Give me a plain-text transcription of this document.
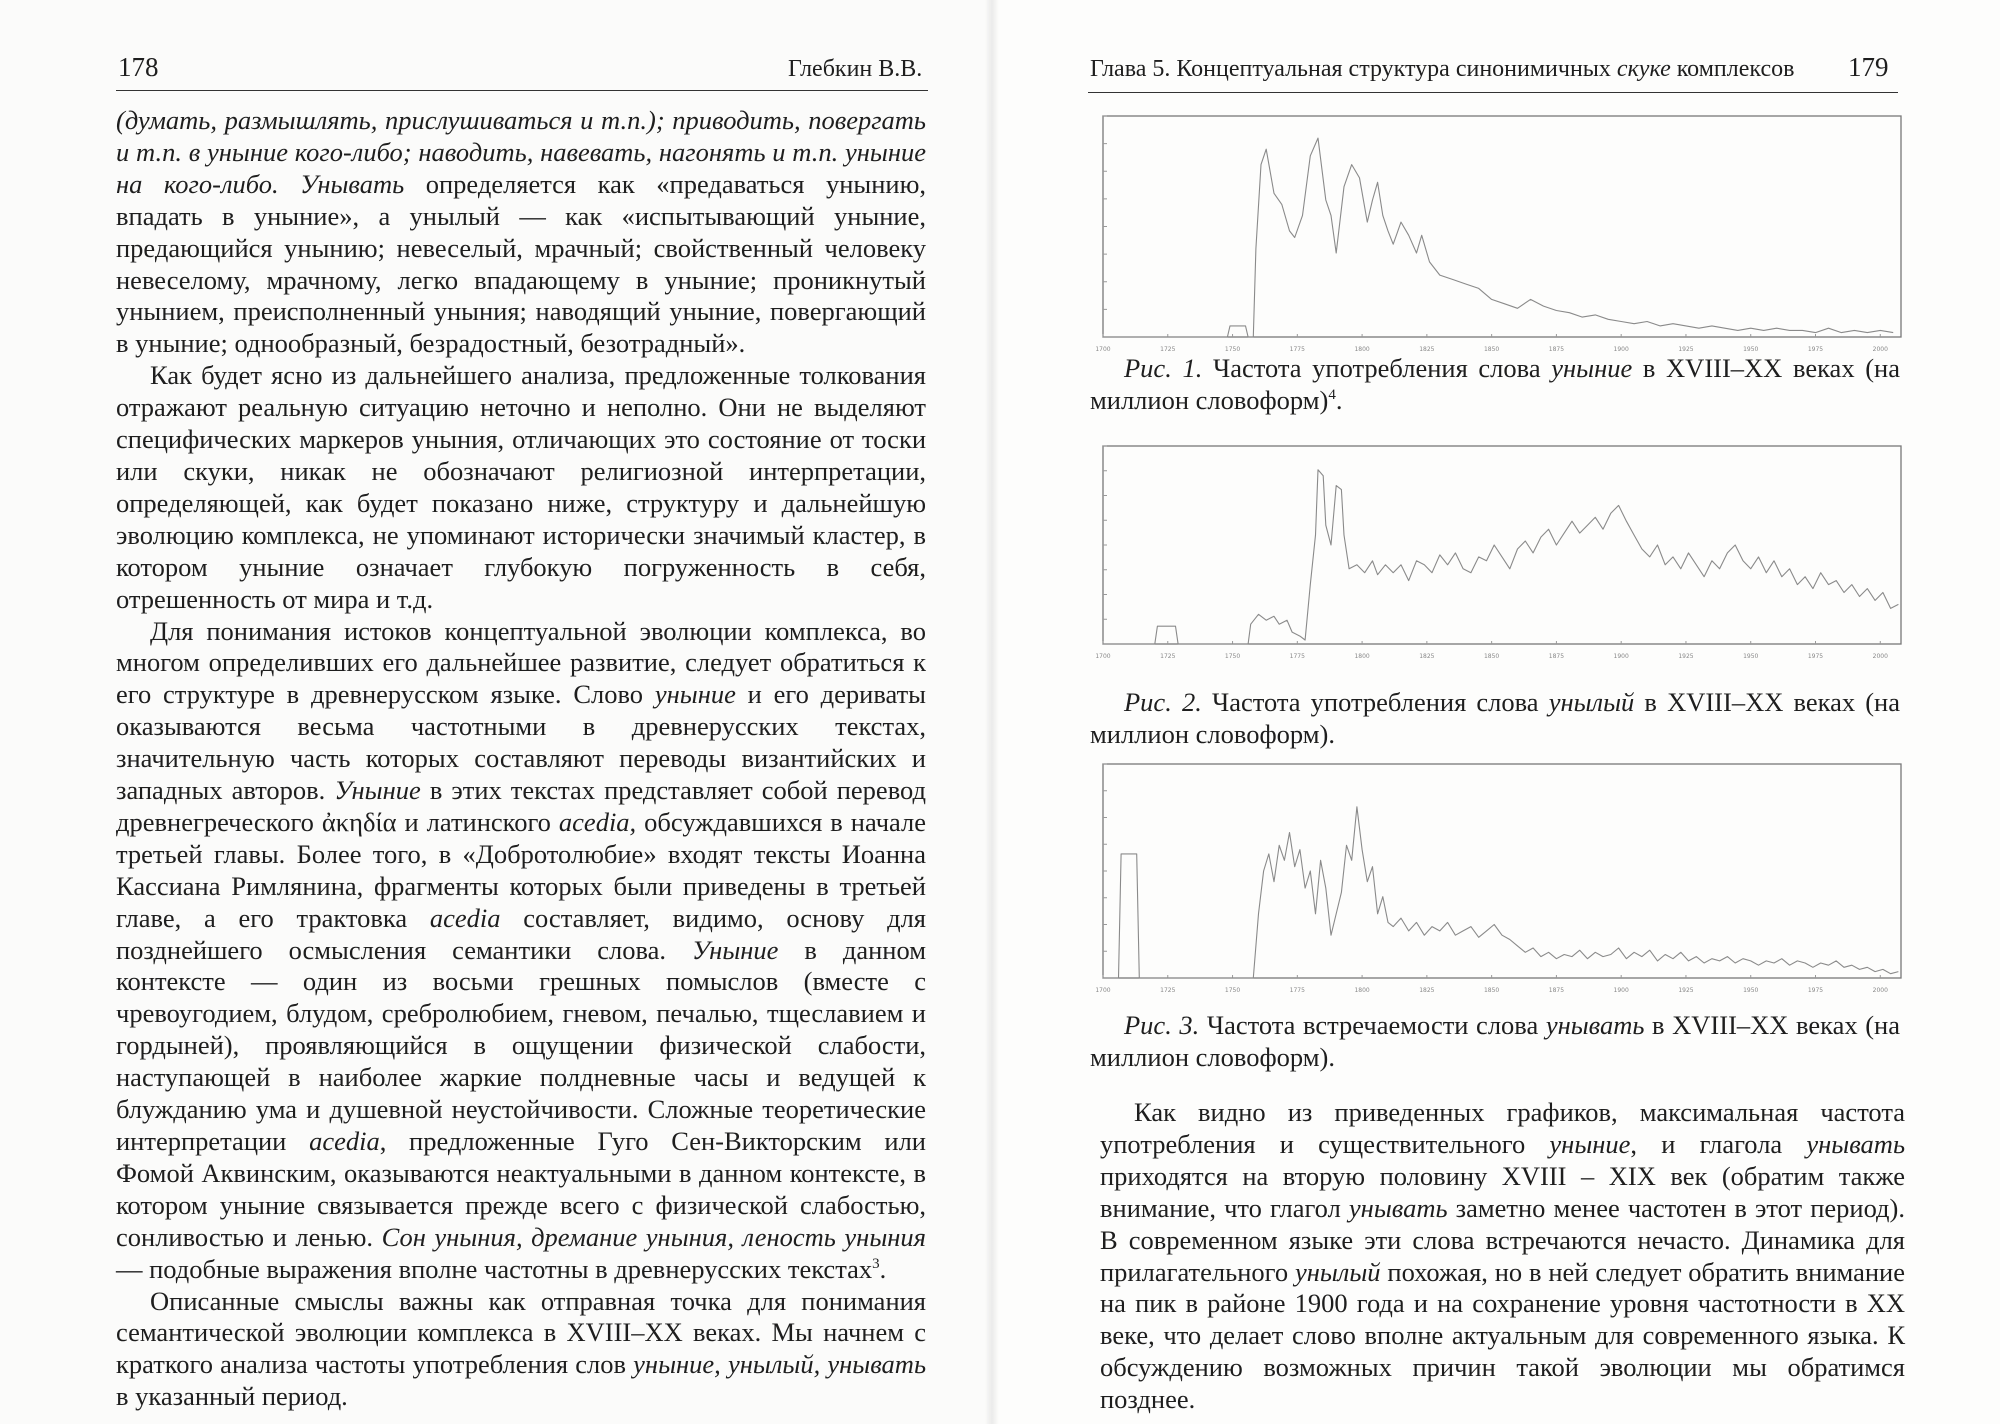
178	Глебкин В.В.

(думать, размышлять, прислушиваться и т.п.); приводить, повергать и т.п. в уныние кого-либо; наводить, навевать, нагонять и т.п. уныние на кого-либо. Унывать определяется как «предаваться унынию, впадать в уныние», а унылый — как «испытывающий уныние, предающийся унынию; невеселый, мрачный; свойственный человеку невеселому, мрачному, легко впадающему в уныние; проникнутый унынием, преисполненный уныния; наводящий уныние, повергающий в уныние; однообразный, безрадостный, безотрадный».

Как будет ясно из дальнейшего анализа, предложенные толкования отражают реальную ситуацию неточно и неполно. Они не выделяют специфических маркеров уныния, отличающих это состояние от тоски или скуки, никак не обозначают религиозной интерпретации, определяющей, как будет показано ниже, структуру и дальнейшую эволюцию комплекса, не упоминают исторически значимый кластер, в котором уныние означает глубокую погруженность в себя, отрешенность от мира и т.д.

Для понимания истоков концептуальной эволюции комплекса, во многом определивших его дальнейшее развитие, следует обратиться к его структуре в древнерусском языке. Слово уныние и его дериваты оказываются весьма частотными в древнерусских текстах, значительную часть которых составляют переводы византийских и западных авторов. Уныние в этих текстах представляет собой перевод древнегреческого ἀκηδία и латинского acedia, обсуждавшихся в начале третьей главы. Более того, в «Добротолюбие» входят тексты Иоанна Кассиана Римлянина, фрагменты которых были приведены в третьей главе, а его трактовка acedia составляет, видимо, основу для позднейшего осмысления семантики слова. Уныние в данном контексте — один из восьми грешных помыслов (вместе с чревоугодием, блудом, сребролюбием, гневом, печалью, тщеславием и гордыней), проявляющийся в ощущении физической слабости, наступающей в наиболее жаркие полдневные часы и ведущей к блужданию ума и душевной неустойчивости. Сложные теоретические интерпретации acedia, предложенные Гуго Сен-Викторским или Фомой Аквинским, оказываются неактуальными в данном контексте, в котором уныние связывается прежде всего с физической слабостью, сонливостью и ленью. Сон уныния, дремание уныния, леность уныния — подобные выражения вполне частотны в древнерусских текстах$^3$.

Описанные смыслы важны как отправная точка для понимания семантической эволюции комплекса в XVIII–XX веках. Мы начнем с краткого анализа частоты употребления слов уныние, унылый, унывать в указанный период.

Глава 5. Концептуальная структура синонимичных скуке комплексов 179
1700	1725	1750	1775	1800	1825	1850	1875	1900	1925	1950	1975	2000
Рис. 1. Частота употребления слова уныние в XVIII–XX веках (на миллион словоформ)$^4$.
1700	1725	1750	1775	1800	1825	1850	1875	1900	1925	1950	1975	2000
Рис. 2. Частота употребления слова унылый в XVIII–XX веках (на миллион словоформ).
1700	1725	1750	1775	1800	1825	1850	1875	1900	1925	1950	1975	2000
Рис. 3. Частота встречаемости слова унывать в XVIII–XX веках (на миллион словоформ).

Как видно из приведенных графиков, максимальная частота употребления и существительного уныние, и глагола унывать приходятся на вторую половину XVIII – XIX век (обратим также внимание, что глагол унывать заметно менее частотен в этот период). В современном языке эти слова встречаются нечасто. Динамика для прилагательного унылый похожая, но в ней следует обратить внимание на пик в районе 1900 года и на сохранение уровня частотности в XX веке, что делает слово вполне актуальным для современного языка. К обсуждению возможных причин такой эволюции мы обратимся позднее.
